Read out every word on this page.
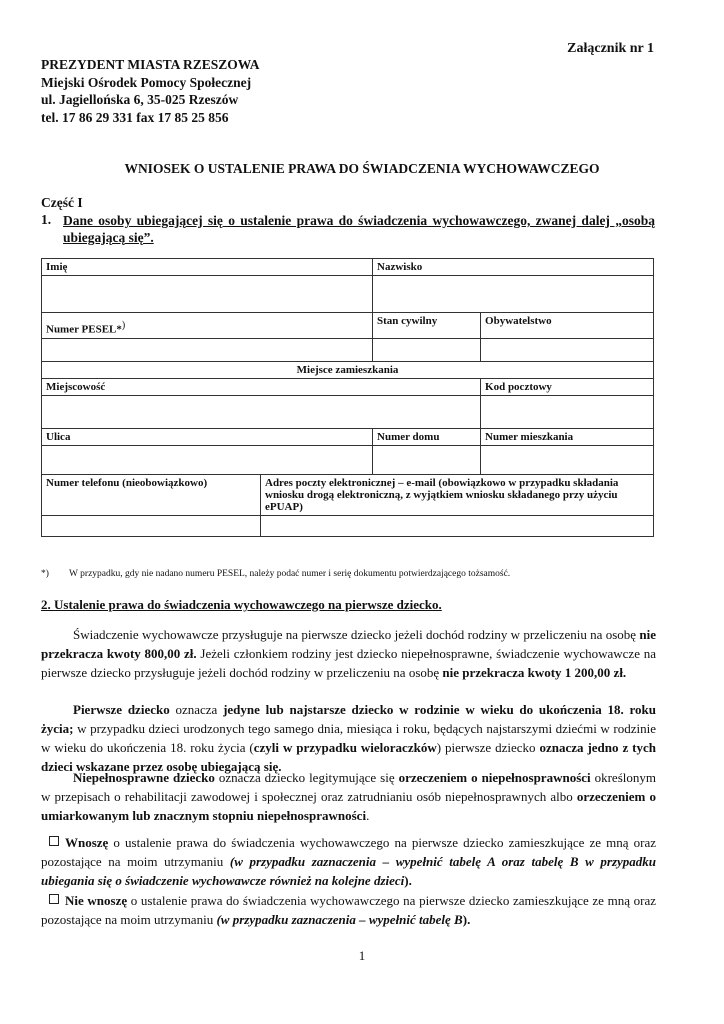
Załącznik nr 1
PREZYDENT MIASTA RZESZOWA
Miejski Ośrodek Pomocy Społecznej
ul. Jagiellońska 6, 35-025 Rzeszów
tel. 17 86 29 331 fax 17 85 25 856
WNIOSEK O USTALENIE PRAWA DO ŚWIADCZENIA WYCHOWAWCZEGO
Część I
1. Dane osoby ubiegającej się o ustalenie prawa do świadczenia wychowawczego, zwanej dalej „osobą ubiegającą się”.
Imię		Nazwisko	

Numer PESEL*)		Stan cywilny	Obywatelstwo

Miejsce zamieszkania			
Miejscowość			Kod pocztowy

Ulica		Numer domu	Numer mieszkania

Numer telefonu (nieobowiązkowo)	Adres poczty elektronicznej – e-mail (obowiązkowo w przypadku składania wniosku drogą elektroniczną, z wyjątkiem wniosku składanego przy użyciu ePUAP)		

*) W przypadku, gdy nie nadano numeru PESEL, należy podać numer i serię dokumentu potwierdzającego tożsamość.
2. Ustalenie prawa do świadczenia wychowawczego na pierwsze dziecko.
Świadczenie wychowawcze przysługuje na pierwsze dziecko jeżeli dochód rodziny w przeliczeniu na osobę nie przekracza kwoty 800,00 zł. Jeżeli członkiem rodziny jest dziecko niepełnosprawne, świadczenie wychowawcze na pierwsze dziecko przysługuje jeżeli dochód rodziny w przeliczeniu na osobę nie przekracza kwoty 1 200,00 zł.
Pierwsze dziecko oznacza jedyne lub najstarsze dziecko w rodzinie w wieku do ukończenia 18. roku życia; w przypadku dzieci urodzonych tego samego dnia, miesiąca i roku, będących najstarszymi dziećmi w rodzinie w wieku do ukończenia 18. roku życia (czyli w przypadku wieloraczków) pierwsze dziecko oznacza jedno z tych dzieci wskazane przez osobę ubiegającą się.
Niepełnosprawne dziecko oznacza dziecko legitymujące się orzeczeniem o niepełnosprawności określonym w przepisach o rehabilitacji zawodowej i społecznej oraz zatrudnianiu osób niepełnosprawnych albo orzeczeniem o umiarkowanym lub znacznym stopniu niepełnosprawności.
Wnoszę o ustalenie prawa do świadczenia wychowawczego na pierwsze dziecko zamieszkujące ze mną oraz pozostające na moim utrzymaniu (w przypadku zaznaczenia – wypełnić tabelę A oraz tabelę B w przypadku ubiegania się o świadczenie wychowawcze również na kolejne dzieci).
Nie wnoszę o ustalenie prawa do świadczenia wychowawczego na pierwsze dziecko zamieszkujące ze mną oraz pozostające na moim utrzymaniu (w przypadku zaznaczenia – wypełnić tabelę B).
1
